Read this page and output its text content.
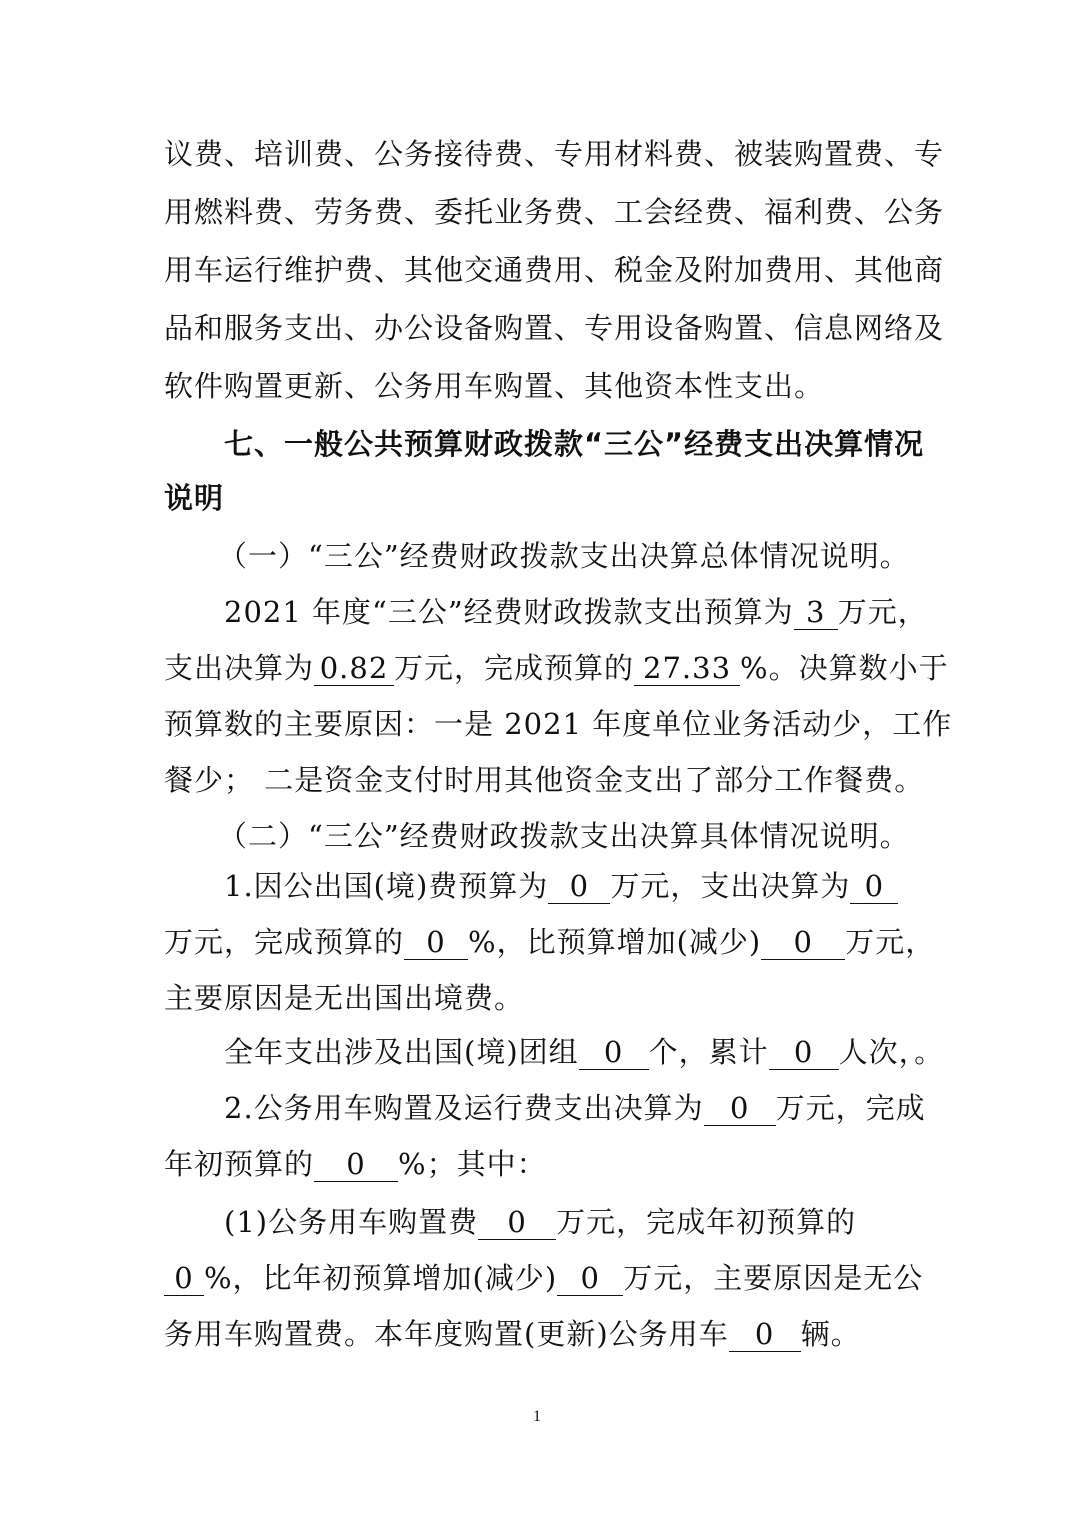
议费、培训费、公务接待费、专用材料费、被装购置费、专
用燃料费、劳务费、委托业务费、工会经费、福利费、公务
用车运行维护费、其他交通费用、税金及附加费用、其他商
品和服务支出、办公设备购置、专用设备购置、信息网络及
软件购置更新、公务用车购置、其他资本性支出。
七、一般公共预算财政拨款“三公”经费支出决算情况
说明
（一）“三公”经费财政拨款支出决算总体情况说明。
2021 年度“三公”经费财政拨款支出预算为 3 万元，
支出决算为 0.82 万元，完成预算的 27.33 %。决算数小于
预算数的主要原因：一是 2021 年度单位业务活动少，工作
餐少； 二是资金支付时用其他资金支出了部分工作餐费。
（二）“三公”经费财政拨款支出决算具体情况说明。
1.因公出国(境)费预算为 0 万元，支出决算为 0
万元，完成预算的 0 %，比预算增加(减少) 0 万元，
主要原因是无出国出境费。
全年支出涉及出国(境)团组 0 个，累计 0 人次，。
2.公务用车购置及运行费支出决算为 0 万元，完成
年初预算的 0 %；其中：
(1)公务用车购置费 0 万元，完成年初预算的
0 %，比年初预算增加(减少) 0 万元，主要原因是无公
务用车购置费。本年度购置(更新)公务用车 0 辆。
1
